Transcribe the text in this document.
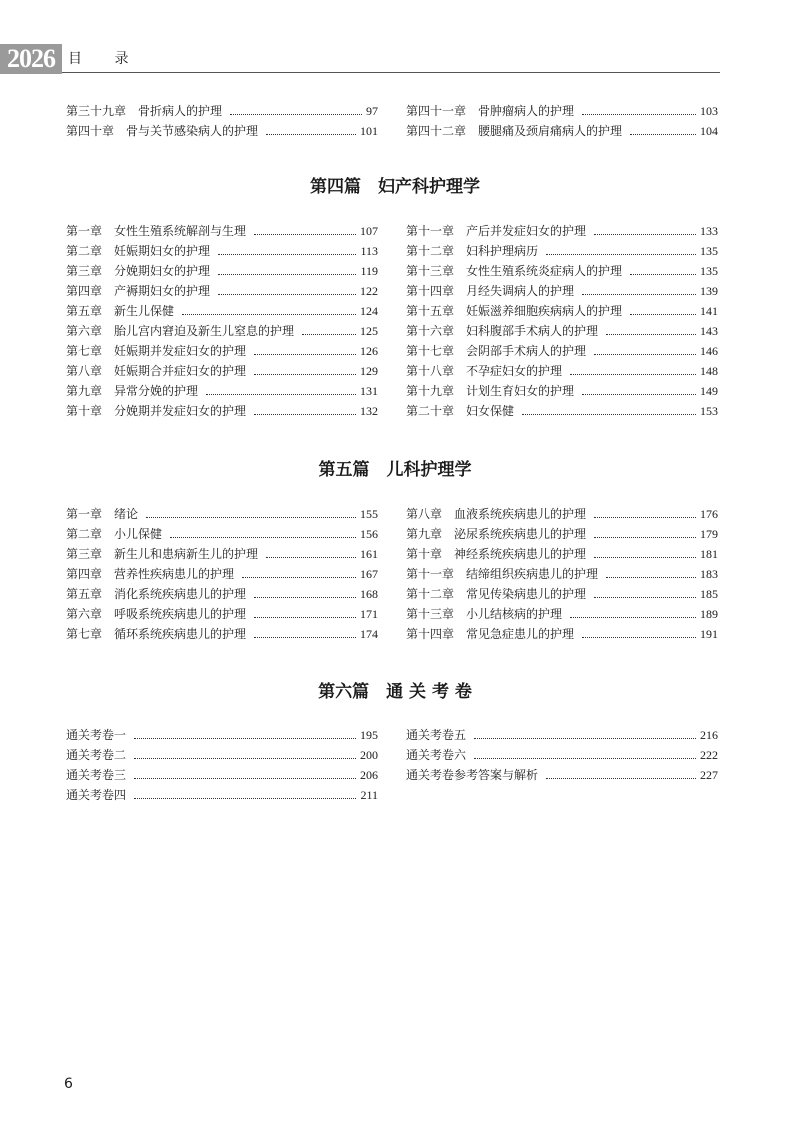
2026 目 录
第三十九章　骨折病人的护理	97
第四十章　骨与关节感染病人的护理	101
第四十一章　骨肿瘤病人的护理	103
第四十二章　腰腿痛及颈肩痛病人的护理	104
第四篇　妇产科护理学
第一章　女性生殖系统解剖与生理	107
第二章　妊娠期妇女的护理	113
第三章　分娩期妇女的护理	119
第四章　产褥期妇女的护理	122
第五章　新生儿保健	124
第六章　胎儿宫内窘迫及新生儿窒息的护理	125
第七章　妊娠期并发症妇女的护理	126
第八章　妊娠期合并症妇女的护理	129
第九章　异常分娩的护理	131
第十章　分娩期并发症妇女的护理	132
第十一章　产后并发症妇女的护理	133
第十二章　妇科护理病历	135
第十三章　女性生殖系统炎症病人的护理	135
第十四章　月经失调病人的护理	139
第十五章　妊娠滋养细胞疾病病人的护理	141
第十六章　妇科腹部手术病人的护理	143
第十七章　会阴部手术病人的护理	146
第十八章　不孕症妇女的护理	148
第十九章　计划生育妇女的护理	149
第二十章　妇女保健	153
第五篇　儿科护理学
第一章　绪论	155
第二章　小儿保健	156
第三章　新生儿和患病新生儿的护理	161
第四章　营养性疾病患儿的护理	167
第五章　消化系统疾病患儿的护理	168
第六章　呼吸系统疾病患儿的护理	171
第七章　循环系统疾病患儿的护理	174
第八章　血液系统疾病患儿的护理	176
第九章　泌尿系统疾病患儿的护理	179
第十章　神经系统疾病患儿的护理	181
第十一章　结缔组织疾病患儿的护理	183
第十二章　常见传染病患儿的护理	185
第十三章　小儿结核病的护理	189
第十四章　常见急症患儿的护理	191
第六篇　通 关 考 卷
通关考卷一	195
通关考卷二	200
通关考卷三	206
通关考卷四	211
通关考卷五	216
通关考卷六	222
通关考卷参考答案与解析	227
6
